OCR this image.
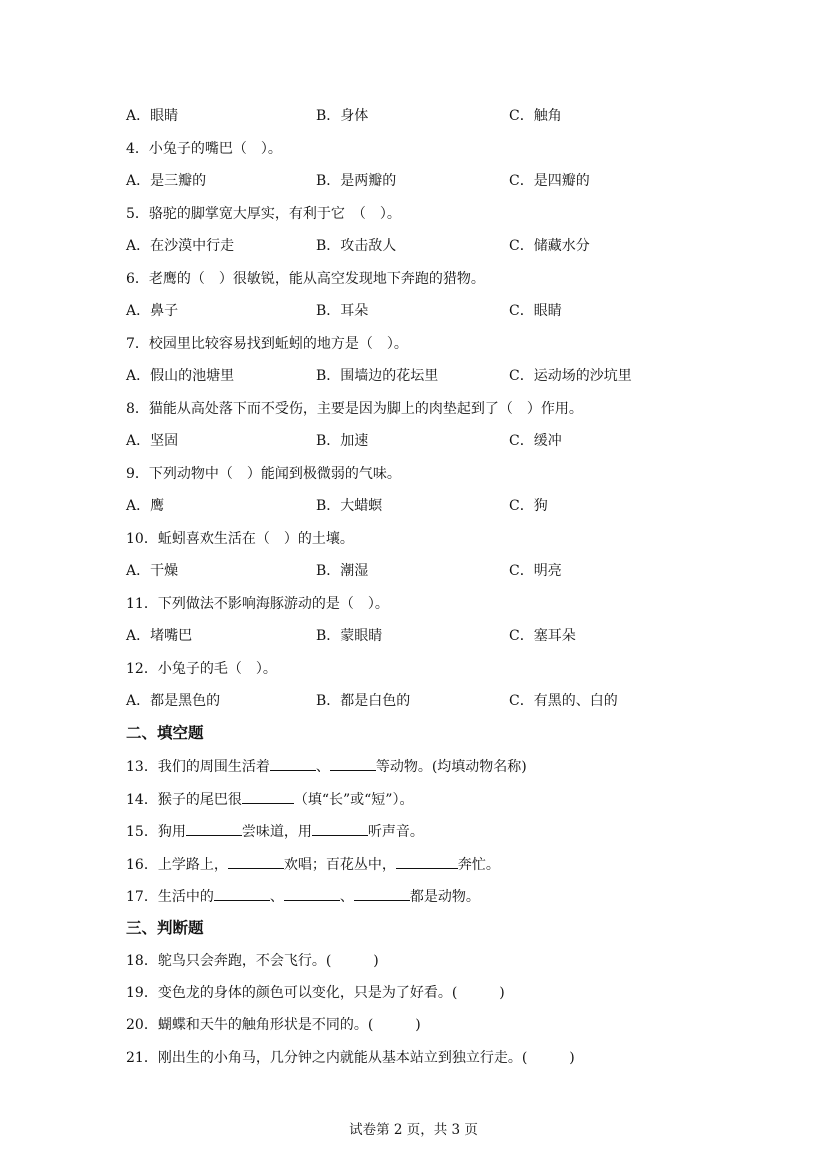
A．眼睛	B．身体	C．触角
4．小兔子的嘴巴（　）。
A．是三瓣的	B．是两瓣的	C．是四瓣的
5．骆驼的脚掌宽大厚实，有利于它　（　）。
A．在沙漠中行走	B．攻击敌人	C．储藏水分
6．老鹰的（　）很敏锐，能从高空发现地下奔跑的猎物。
A．鼻子	B．耳朵	C．眼睛
7．校园里比较容易找到蚯蚓的地方是（　）。
A．假山的池塘里	B．围墙边的花坛里	C．运动场的沙坑里
8．猫能从高处落下而不受伤，主要是因为脚上的肉垫起到了（　）作用。
A．坚固	B．加速	C．缓冲
9．下列动物中（　）能闻到极微弱的气味。
A．鹰	B．大蜡螟	C．狗
10．蚯蚓喜欢生活在（　）的土壤。
A．干燥	B．潮湿	C．明亮
11．下列做法不影响海豚游动的是（　）。
A．堵嘴巴	B．蒙眼睛	C．塞耳朵
12．小兔子的毛（　）。
A．都是黑色的	B．都是白色的	C．有黑的、白的
二、填空题
13．我们的周围生活着	、	等动物。(均填动物名称)
14．猴子的尾巴很	（填“长”或“短”）。
15．狗用	尝味道，用	听声音。
16．上学路上，	欢唱；百花丛中，	奔忙。
17．生活中的	、	、	都是动物。
三、判断题
18．鸵鸟只会奔跑，不会飞行。(　　　)
19．变色龙的身体的颜色可以变化，只是为了好看。(　　　)
20．蝴蝶和天牛的触角形状是不同的。(　　　)
21．刚出生的小角马，几分钟之内就能从基本站立到独立行走。(　　　)
试卷第 2 页，共 3 页
